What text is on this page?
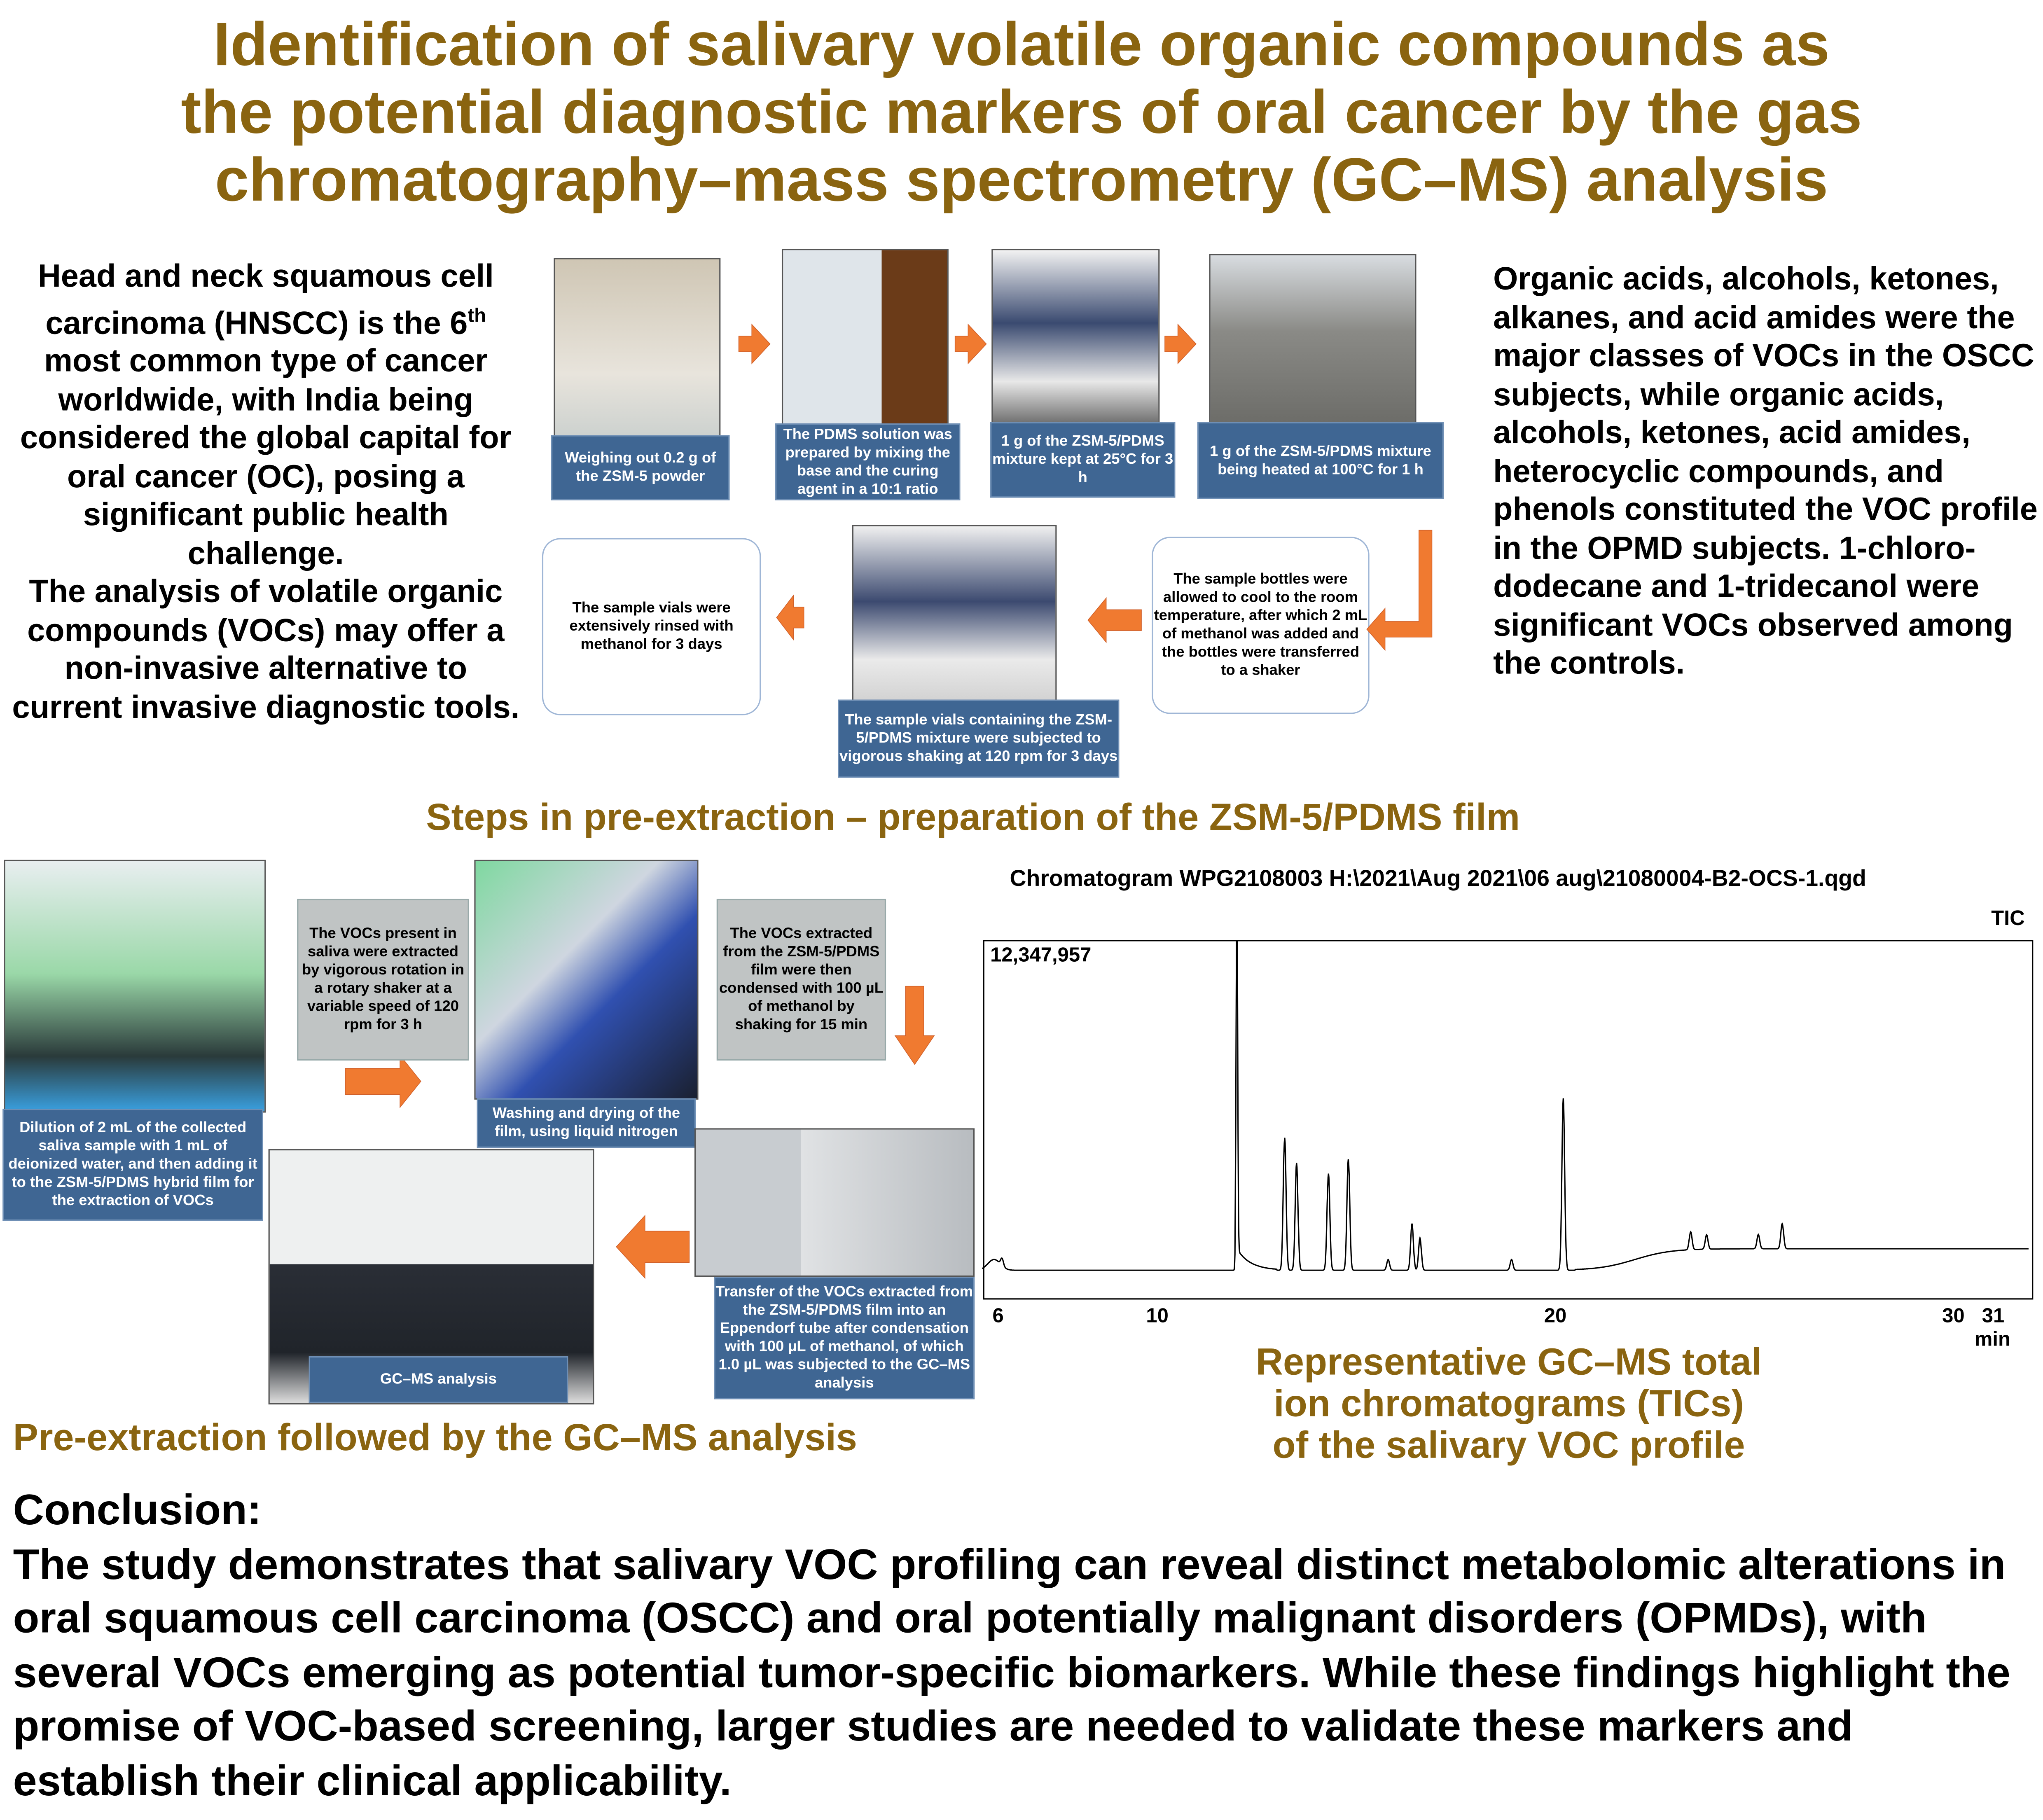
Identification of salivary volatile organic compounds as
the potential diagnostic markers of oral cancer by the gas
chromatography–mass spectrometry (GC–MS) analysis
Head and neck squamous cell carcinoma (HNSCC) is the 6th most common type of cancer worldwide, with India being considered the global capital for oral cancer (OC), posing a significant public health challenge.
The analysis of volatile organic compounds (VOCs) may offer a non-invasive alternative to current invasive diagnostic tools.
Organic acids, alcohols, ketones, alkanes, and acid amides were the major classes of VOCs in the OSCC subjects, while organic acids, alcohols, ketones, acid amides, heterocyclic compounds, and phenols constituted the VOC profile in the OPMD subjects. 1-chloro-dodecane and 1-tridecanol were significant VOCs observed among the controls.
Weighing out 0.2 g of the ZSM-5 powder
The PDMS solution was prepared by mixing the base and the curing agent in a 10:1 ratio
1 g of the ZSM-5/PDMS mixture kept at 25°C for 3 h
1 g of the ZSM-5/PDMS mixture being heated at 100°C for 1 h
The sample bottles were allowed to cool to the room temperature, after which 2 mL of methanol was added and the bottles were transferred to a shaker
The sample vials containing the ZSM-5/PDMS mixture were subjected to vigorous shaking at 120 rpm for 3 days
The sample vials were extensively rinsed with methanol for 3 days
Steps in pre-extraction – preparation of the ZSM-5/PDMS film
Dilution of 2 mL of the collected saliva sample with 1 mL of deionized water, and then adding it to the ZSM-5/PDMS hybrid film for the extraction of VOCs
The VOCs present in saliva were extracted by vigorous rotation in a rotary shaker at a variable speed of 120 rpm for 3 h
Washing and drying of the film, using liquid nitrogen
The VOCs extracted from the ZSM-5/PDMS film were then condensed with 100 µL of methanol by shaking for 15 min
Transfer of the VOCs extracted from the ZSM-5/PDMS film into an Eppendorf tube after condensation with 100 µL of methanol, of which 1.0 µL was subjected to the GC–MS analysis
GC–MS analysis
Pre-extraction followed by the GC–MS analysis
Chromatogram WPG2108003 H:\2021\Aug 2021\06 aug\21080004-B2-OCS-1.qgd
TIC
12,347,957
6	10	20	30	31
min
Representative GC–MS total
ion chromatograms (TICs)
of the salivary VOC profile
Conclusion:
The study demonstrates that salivary VOC profiling can reveal distinct metabolomic alterations in oral squamous cell carcinoma (OSCC) and oral potentially malignant disorders (OPMDs), with several VOCs emerging as potential tumor-specific biomarkers. While these findings highlight the promise of VOC-based screening, larger studies are needed to validate these markers and establish their clinical applicability.
